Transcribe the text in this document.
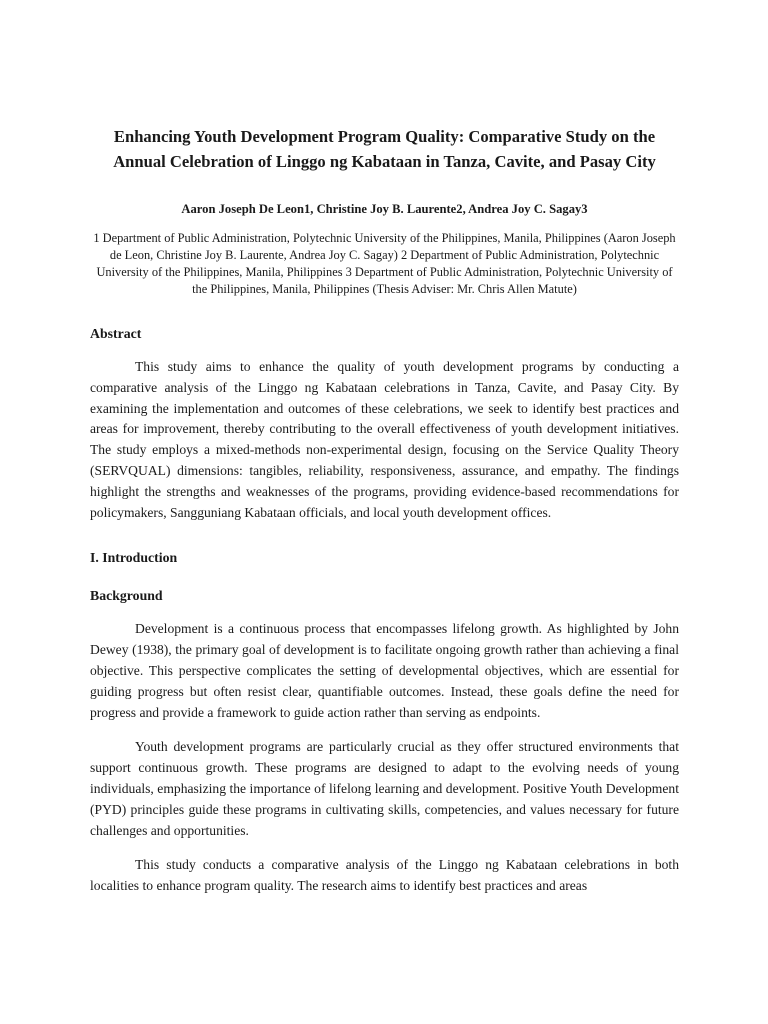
Enhancing Youth Development Program Quality: Comparative Study on the Annual Celebration of Linggo ng Kabataan in Tanza, Cavite, and Pasay City

Aaron Joseph De Leon1, Christine Joy B. Laurente2, Andrea Joy C. Sagay3

1 Department of Public Administration, Polytechnic University of the Philippines, Manila, Philippines (Aaron Joseph de Leon, Christine Joy B. Laurente, Andrea Joy C. Sagay) 2 Department of Public Administration, Polytechnic University of the Philippines, Manila, Philippines 3 Department of Public Administration, Polytechnic University of the Philippines, Manila, Philippines (Thesis Adviser: Mr. Chris Allen Matute)

Abstract

This study aims to enhance the quality of youth development programs by conducting a comparative analysis of the Linggo ng Kabataan celebrations in Tanza, Cavite, and Pasay City. By examining the implementation and outcomes of these celebrations, we seek to identify best practices and areas for improvement, thereby contributing to the overall effectiveness of youth development initiatives. The study employs a mixed-methods non-experimental design, focusing on the Service Quality Theory (SERVQUAL) dimensions: tangibles, reliability, responsiveness, assurance, and empathy. The findings highlight the strengths and weaknesses of the programs, providing evidence-based recommendations for policymakers, Sangguniang Kabataan officials, and local youth development offices.

I. Introduction
Background

Development is a continuous process that encompasses lifelong growth. As highlighted by John Dewey (1938), the primary goal of development is to facilitate ongoing growth rather than achieving a final objective. This perspective complicates the setting of developmental objectives, which are essential for guiding progress but often resist clear, quantifiable outcomes. Instead, these goals define the need for progress and provide a framework to guide action rather than serving as endpoints.

Youth development programs are particularly crucial as they offer structured environments that support continuous growth. These programs are designed to adapt to the evolving needs of young individuals, emphasizing the importance of lifelong learning and development. Positive Youth Development (PYD) principles guide these programs in cultivating skills, competencies, and values necessary for future challenges and opportunities.

This study conducts a comparative analysis of the Linggo ng Kabataan celebrations in both localities to enhance program quality. The research aims to identify best practices and areas
